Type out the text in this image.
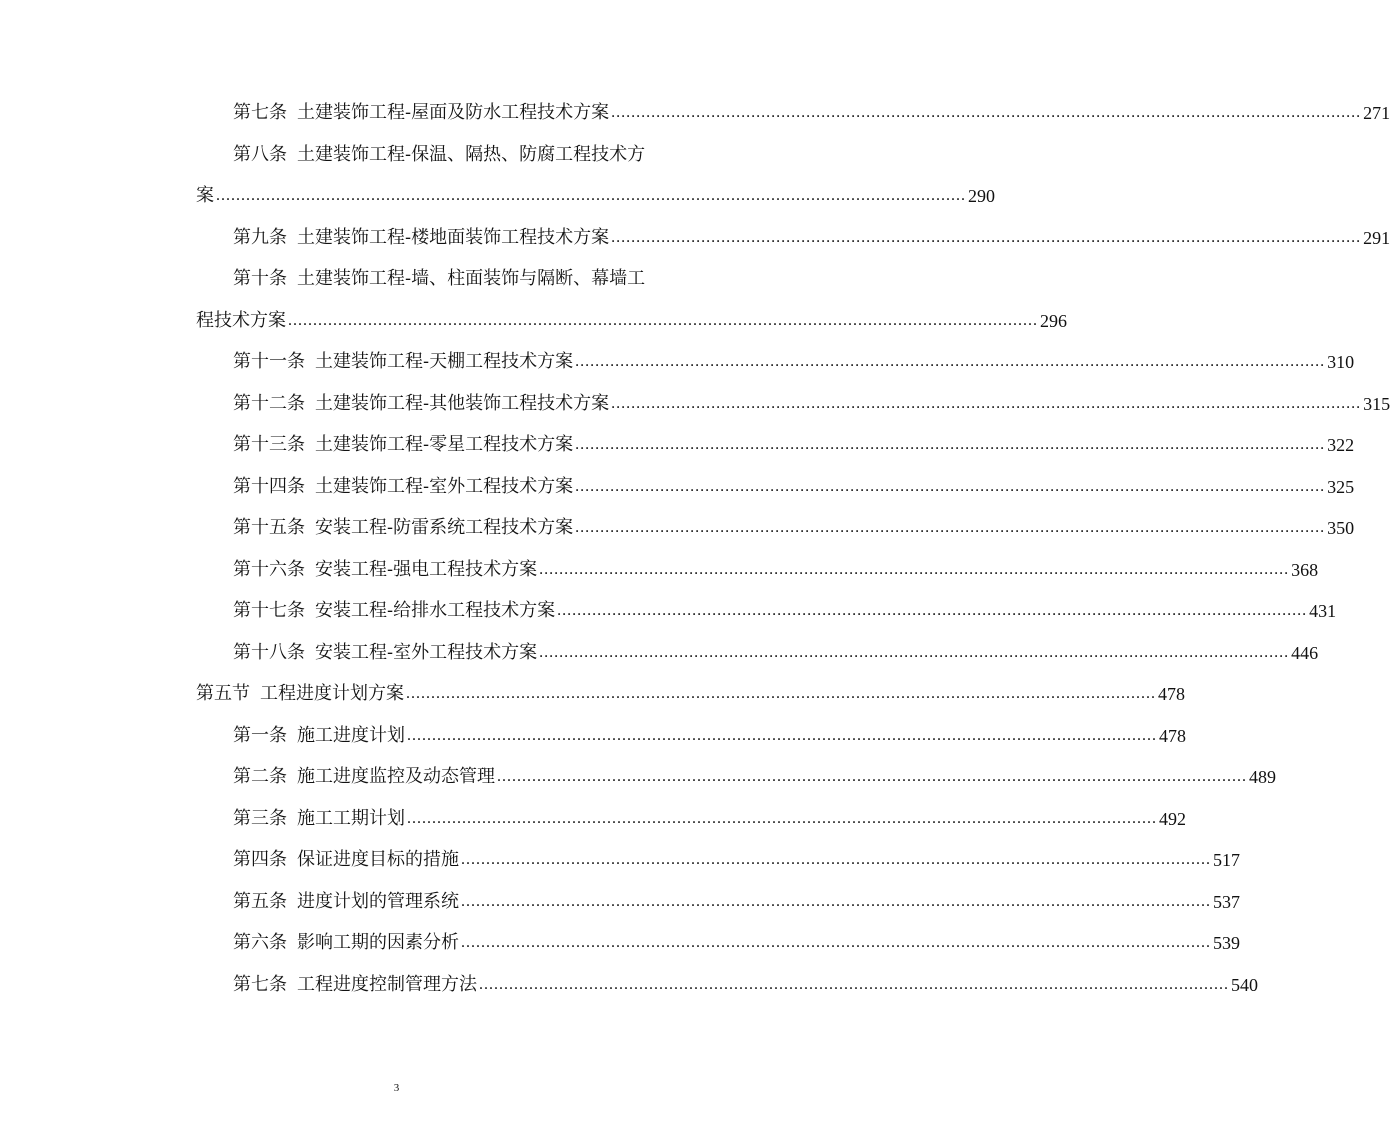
第七条 土建装饰工程-屋面及防水工程技术方案 ...................................................................................................................................................... 271
第八条 土建装饰工程-保温、隔热、防腐工程技术方
案 ...................................................................................................................................................... 290
第九条 土建装饰工程-楼地面装饰工程技术方案 ...................................................................................................................................................... 291
第十条 土建装饰工程-墙、柱面装饰与隔断、幕墙工
程技术方案 ...................................................................................................................................................... 296
第十一条 土建装饰工程-天棚工程技术方案 ...................................................................................................................................................... 310
第十二条 土建装饰工程-其他装饰工程技术方案 ...................................................................................................................................................... 315
第十三条 土建装饰工程-零星工程技术方案 ...................................................................................................................................................... 322
第十四条 土建装饰工程-室外工程技术方案 ...................................................................................................................................................... 325
第十五条 安装工程-防雷系统工程技术方案 ...................................................................................................................................................... 350
第十六条 安装工程-强电工程技术方案 ...................................................................................................................................................... 368
第十七条 安装工程-给排水工程技术方案 ...................................................................................................................................................... 431
第十八条 安装工程-室外工程技术方案 ...................................................................................................................................................... 446
第五节 工程进度计划方案 ...................................................................................................................................................... 478
第一条 施工进度计划 ...................................................................................................................................................... 478
第二条 施工进度监控及动态管理 ...................................................................................................................................................... 489
第三条 施工工期计划 ...................................................................................................................................................... 492
第四条 保证进度目标的措施 ...................................................................................................................................................... 517
第五条 进度计划的管理系统 ...................................................................................................................................................... 537
第六条 影响工期的因素分析 ...................................................................................................................................................... 539
第七条 工程进度控制管理方法 ...................................................................................................................................................... 540
3
